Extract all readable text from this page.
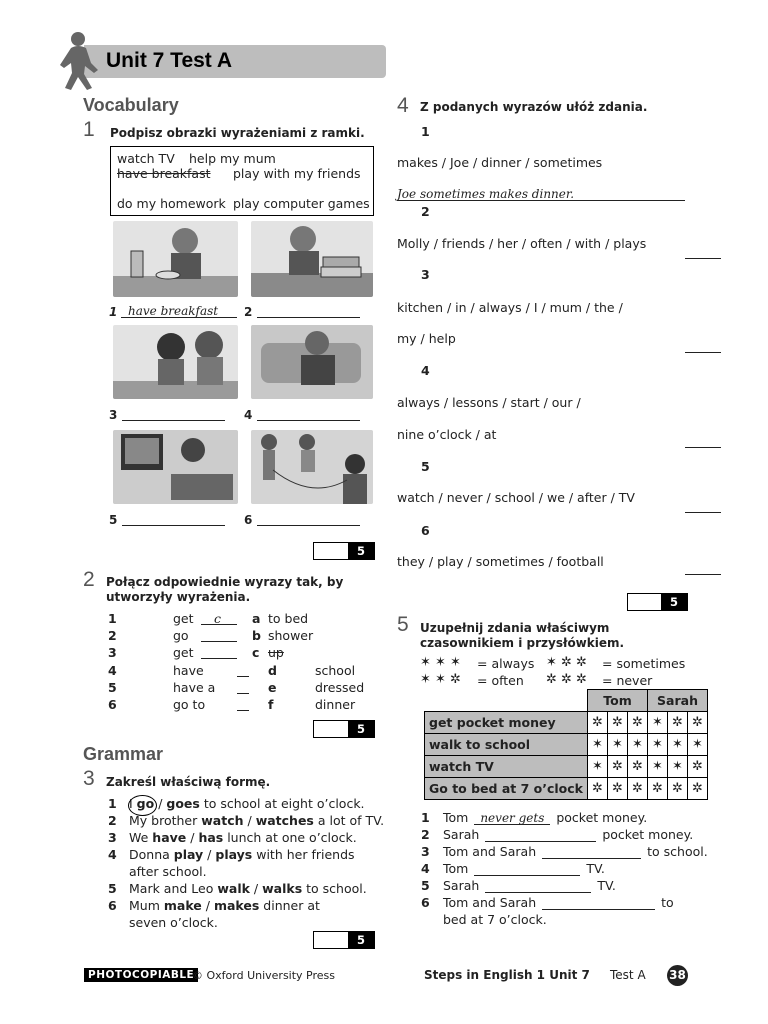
Unit 7 Test A
Vocabulary
1 Podpisz obrazki wyrażeniami z ramki.
watch TV help my mum
have breakfast play with my friends
do my homework play computer games
1 have breakfast 2
3	4
5	6
5
2 Połącz odpowiednie wyrazy tak, by
utworzyły wyrażenia.
1	get c a to bed
2	go	b shower
3	get	c up
4	have	d	school
5	have a	e	dressed
6	go to	f	dinner
5
Grammar
3 Zakreśl właściwą formę.
1 I go / goes to school at eight o’clock.
2 My brother watch / watches a lot of TV.
3 We have / has lunch at one o’clock.
4 Donna play / plays with her friends
5 Mark and Leo walk / walks to school.
6 Mum make / makes dinner at
after school.
seven o’clock.
5
4 Z podanych wyrazów ułóż zdania.
1
makes / Joe / dinner / sometimes
2
Molly / friends / her / often / with / plays
3
kitchen / in / always / I / mum / the /
my / help
4
always / lessons / start / our /
nine o’clock / at
5
watch / never / school / we / after / TV
6
they / play / sometimes / football
Joe sometimes makes dinner.
5
5 Uzupełnij zdania właściwym
czasownikiem i przysłówkiem.
✶ ✶ ✶ = always ✶ ✲ ✲ = sometimes
✶ ✶ ✲ = often ✲ ✲ ✲ = never
	Tom			Sarah		
get pocket money	✲	✲	✲	✶	✲	✲
walk to school	✶	✶	✶	✶	✶	✶
watch TV	✶	✲	✲	✶	✶	✲
Go to bed at 7 o’clock	✲	✲	✲	✲	✲	✲
1 Tom never gets pocket money.
2 Sarah	pocket money.
3 Tom and Sarah	to school.
4 Tom	TV.
5 Sarah	TV.
6 Tom and Sarah	to
bed at 7 o’clock.
PHOTOCOPIABLE
© Oxford University Press	Steps in English 1 Unit 7 Test A 38
